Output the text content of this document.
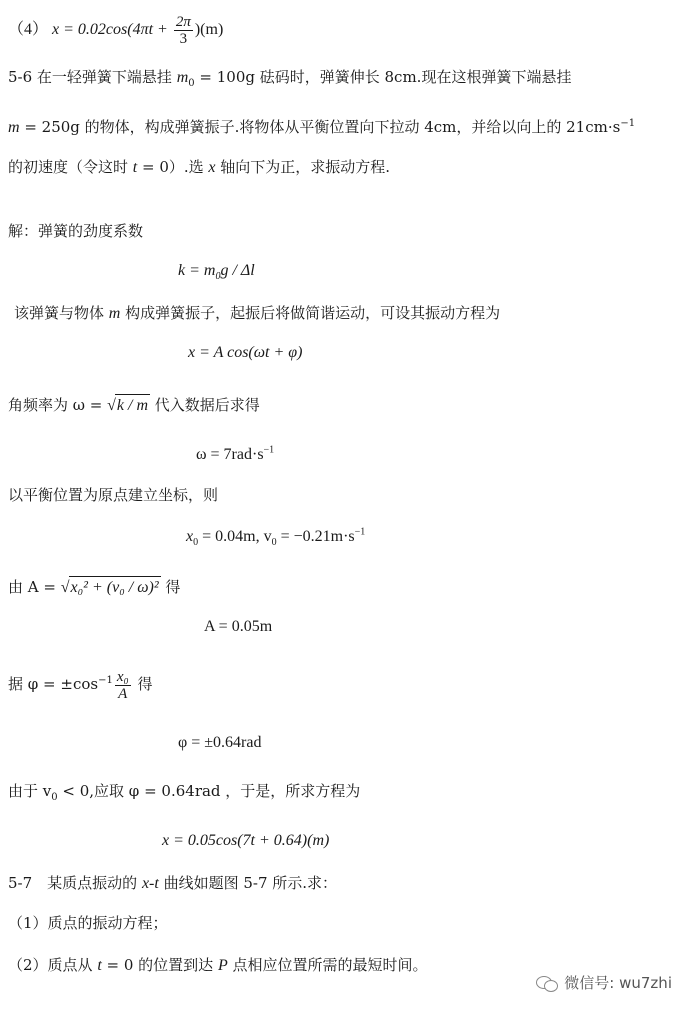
（4） $x = 0.02\cos(4\pi t + \frac{2\pi}{3} )(m)$
5-6 在一轻弹簧下端悬挂 $m_0 = 100g$ 砝码时，弹簧伸长 8cm.现在这根弹簧下端悬挂
m = 250g 的物体，构成弹簧振子.将物体从平衡位置向下拉动 4cm，并给以向上的 $21cm\cdot s^{-1}$
的初速度（令这时 t = 0）.选 x 轴向下为正，求振动方程.
解：弹簧的劲度系数
$k = m_0g / \Delta l$
该弹簧与物体 m 构成弹簧振子，起振后将做简谐运动，可设其振动方程为
x = A cos(ωt + φ)
角频率为 ω = √k / m 代入数据后求得
$\omega = 7rad\cdot s^{-1}$
以平衡位置为原点建立坐标，则
$x_0 = 0.04m$, $v_0 = -0.21m\cdot s^{-1}$
由 A = √x₀² + (v₀ / ω)² 得
A = 0.05m
据 $\varphi = \pm\cos^{-1} \frac{\text{x₀}}{A}$ 得
φ = ±0.64rad
由于 $v_0 < 0$,应取 φ = 0.64rad ，于是，所求方程为
x = 0.05cos(7t + 0.64)(m)
5-7　某质点振动的 x-t 曲线如题图 5-7 所示.求：
（1）质点的振动方程；
（2）质点从 t = 0 的位置到达 P 点相应位置所需的最短时间。
微信号: wu7zhi
